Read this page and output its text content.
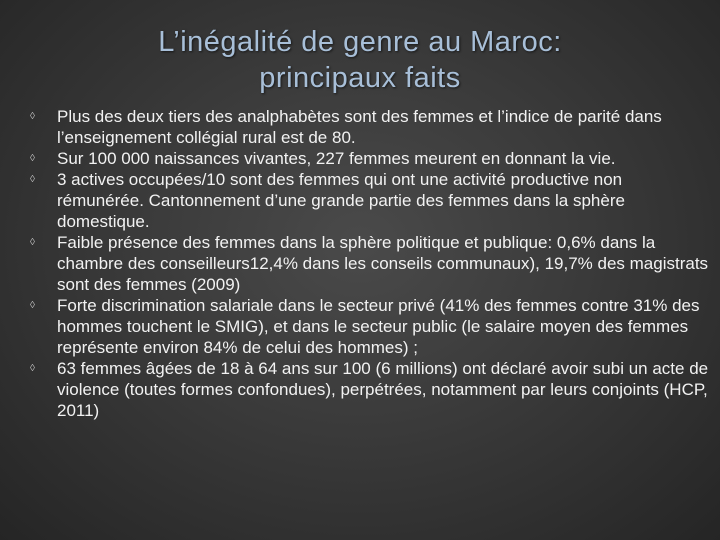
L’inégalité de genre au Maroc:
principaux faits
◊ Plus des deux tiers des analphabètes sont des femmes et l’indice de parité dans l’enseignement collégial rural est de 80.
◊ Sur 100 000 naissances vivantes, 227 femmes meurent en donnant la vie.
◊ 3 actives occupées/10 sont des femmes qui ont une activité productive non rémunérée. Cantonnement d’une grande partie des femmes dans la sphère domestique.
◊ Faible présence des femmes dans la sphère politique et publique: 0,6% dans la chambre des conseilleurs12,4% dans les conseils communaux), 19,7% des magistrats sont des femmes (2009)
◊ Forte discrimination salariale dans le secteur privé (41% des femmes contre 31% des hommes touchent le SMIG), et dans le secteur public (le salaire moyen des femmes représente environ 84% de celui des hommes) ;
◊ 63 femmes âgées de 18 à 64 ans sur 100 (6 millions) ont déclaré avoir subi un acte de violence (toutes formes confondues), perpétrées, notamment par leurs conjoints (HCP, 2011)
